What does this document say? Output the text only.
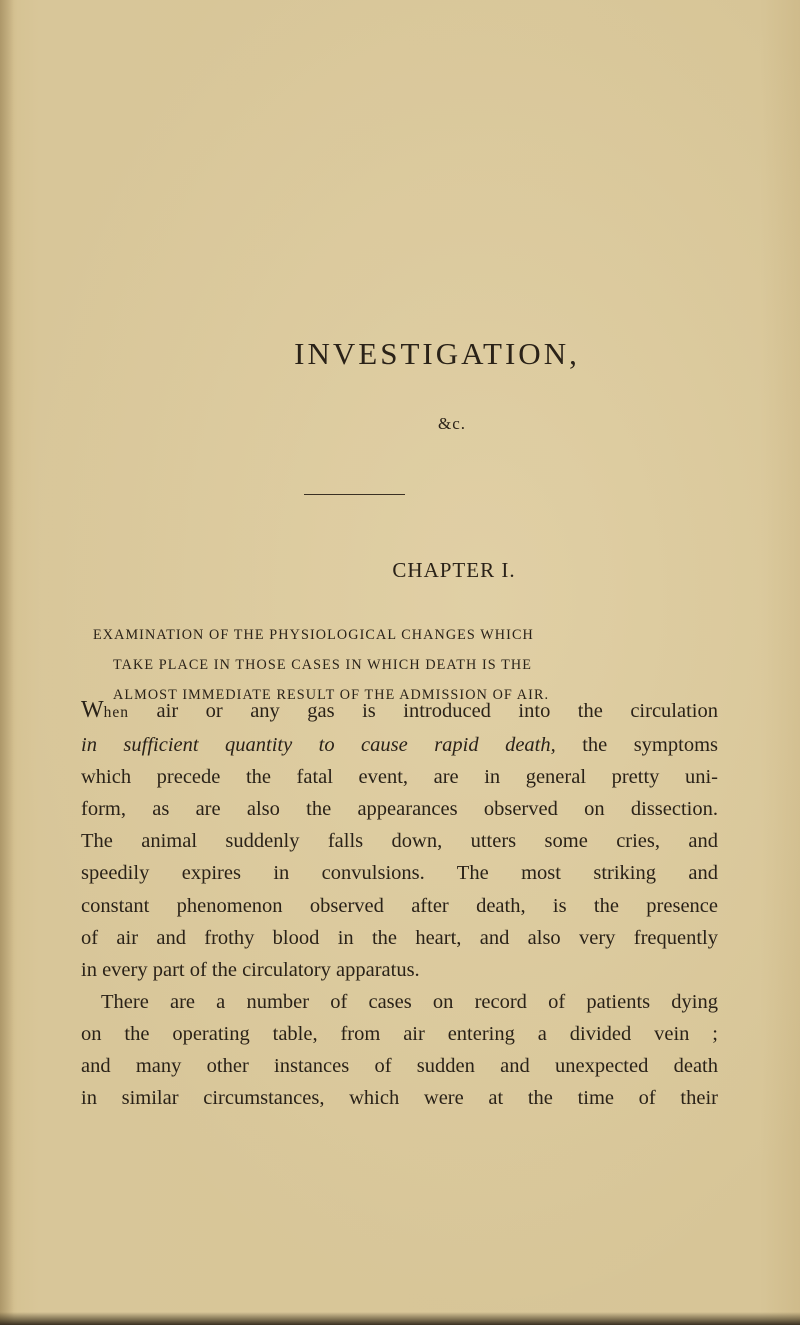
INVESTIGATION,

&c.

CHAPTER I.

EXAMINATION OF THE PHYSIOLOGICAL CHANGES WHICH
TAKE PLACE IN THOSE CASES IN WHICH DEATH IS THE
ALMOST IMMEDIATE RESULT OF THE ADMISSION OF AIR.

When air or any gas is introduced into the circulation
in sufficient quantity to cause rapid death, the symptoms
which precede the fatal event, are in general pretty uni-
form, as are also the appearances observed on dissection.
The animal suddenly falls down, utters some cries, and
speedily expires in convulsions. The most striking and
constant phenomenon observed after death, is the presence
of air and frothy blood in the heart, and also very frequently
in every part of the circulatory apparatus.
There are a number of cases on record of patients dying
on the operating table, from air entering a divided vein ;
and many other instances of sudden and unexpected death
in similar circumstances, which were at the time of their
